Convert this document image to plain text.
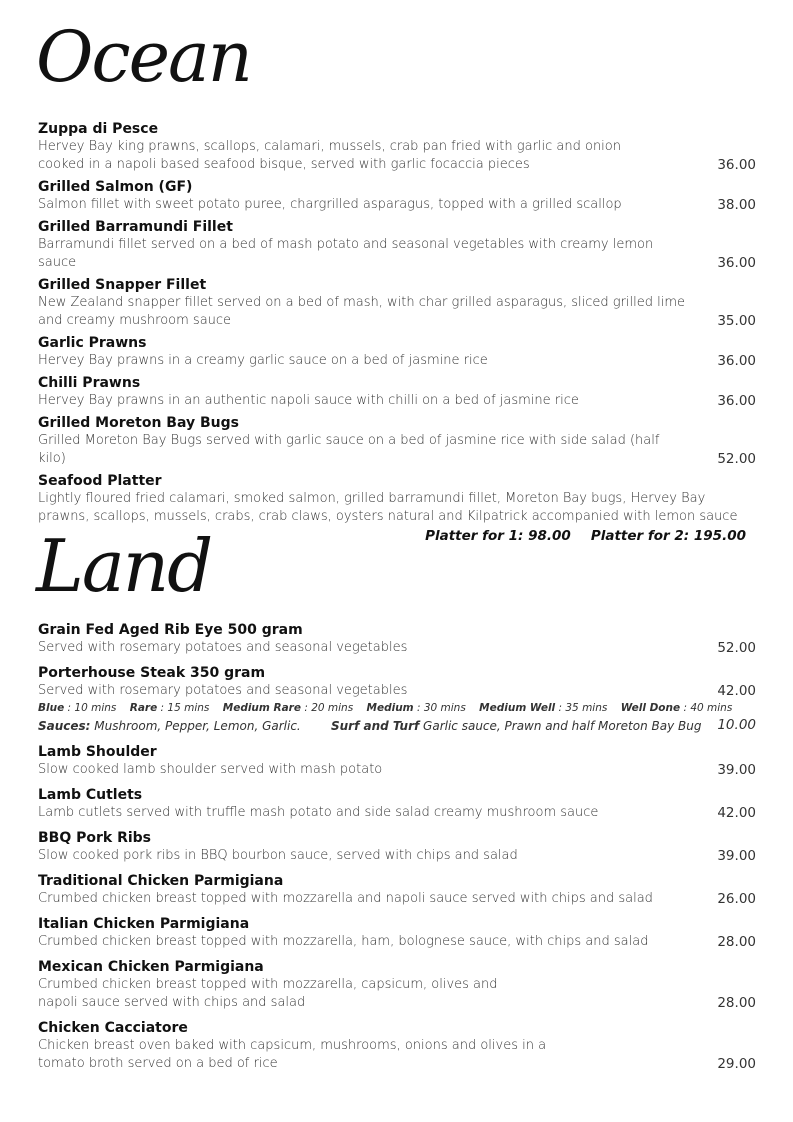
Ocean
Zuppa di Pesce
Hervey Bay king prawns, scallops, calamari, mussels, crab pan fried with garlic and onion
cooked in a napoli based seafood bisque, served with garlic focaccia pieces	36.00
Grilled Salmon (GF)
Salmon fillet with sweet potato puree, chargrilled asparagus, topped with a grilled scallop	38.00
Grilled Barramundi Fillet
Barramundi fillet served on a bed of mash potato and seasonal vegetables with creamy lemon sauce	36.00
Grilled Snapper Fillet
New Zealand snapper fillet served on a bed of mash, with char grilled asparagus, sliced grilled lime
and creamy mushroom sauce	35.00
Garlic Prawns
Hervey Bay prawns in a creamy garlic sauce on a bed of jasmine rice	36.00
Chilli Prawns
Hervey Bay prawns in an authentic napoli sauce with chilli on a bed of jasmine rice	36.00
Grilled Moreton Bay Bugs
Grilled Moreton Bay Bugs served with garlic sauce on a bed of jasmine rice with side salad (half kilo)	52.00
Seafood Platter
Lightly floured fried calamari, smoked salmon, grilled barramundi fillet, Moreton Bay bugs, Hervey Bay
prawns, scallops, mussels, crabs, crab claws, oysters natural and Kilpatrick accompanied with lemon sauce
Platter for 1: 98.00 Platter for 2: 195.00
Land
Grain Fed Aged Rib Eye 500 gram
Served with rosemary potatoes and seasonal vegetables	52.00
Porterhouse Steak 350 gram
Served with rosemary potatoes and seasonal vegetables	42.00
Blue : 10 mins Rare : 15 mins Medium Rare : 20 mins Medium : 30 mins Medium Well : 35 mins Well Done : 40 mins
Sauces: Mushroom, Pepper, Lemon, Garlic.	Surf and Turf Garlic sauce, Prawn and half Moreton Bay Bug 10.00
Lamb Shoulder
Slow cooked lamb shoulder served with mash potato	39.00
Lamb Cutlets
Lamb cutlets served with truffle mash potato and side salad creamy mushroom sauce	42.00
BBQ Pork Ribs
Slow cooked pork ribs in BBQ bourbon sauce, served with chips and salad	39.00
Traditional Chicken Parmigiana
Crumbed chicken breast topped with mozzarella and napoli sauce served with chips and salad	26.00
Italian Chicken Parmigiana
Crumbed chicken breast topped with mozzarella, ham, bolognese sauce, with chips and salad	28.00
Mexican Chicken Parmigiana
Crumbed chicken breast topped with mozzarella, capsicum, olives and
napoli sauce served with chips and salad	28.00
Chicken Cacciatore
Chicken breast oven baked with capsicum, mushrooms, onions and olives in a
tomato broth served on a bed of rice	29.00
